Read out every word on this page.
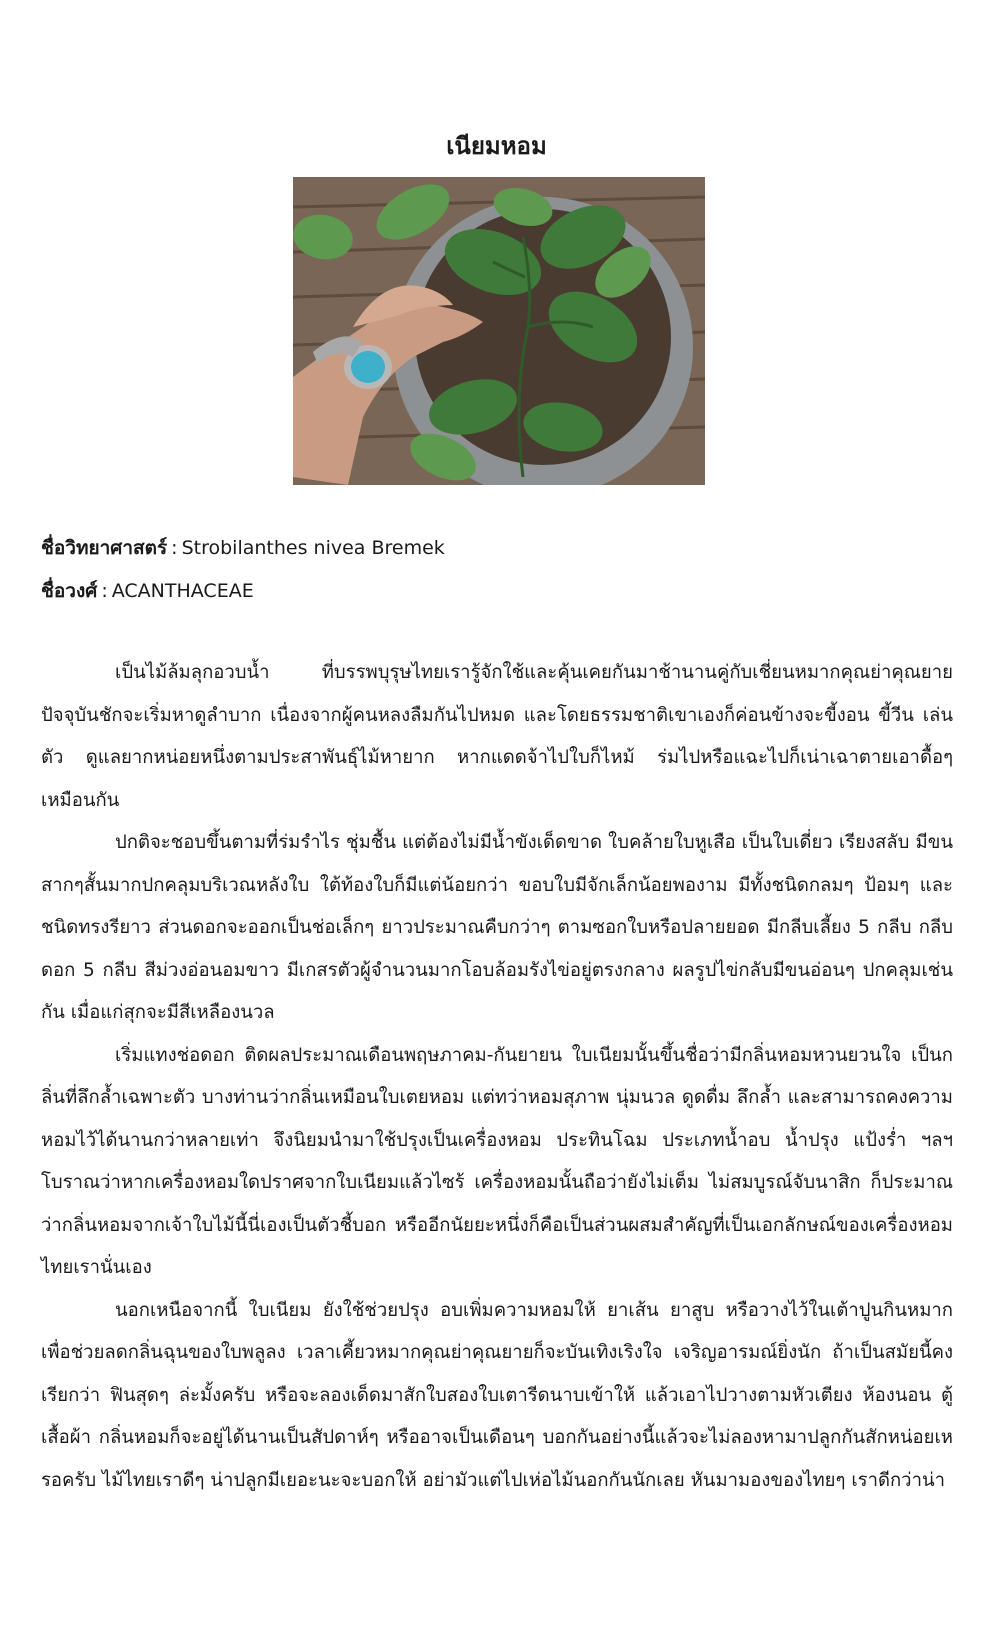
เนียมหอม
ชื่อวิทยาศาสตร์ : Strobilanthes nivea Bremek
ชื่อวงศ์ : ACANTHACEAE

เป็นไม้ล้มลุกอวบน้ำ ที่บรรพบุรุษไทยเรารู้จักใช้และคุ้นเคยกันมาช้านานคู่กับเชี่ยนหมากคุณย่าคุณยาย ปัจจุบันชักจะเริ่มหาดูลำบาก เนื่องจากผู้คนหลงลืมกันไปหมด และโดยธรรมชาติเขาเองก็ค่อนข้างจะขี้งอน ขี้วีน เล่นตัว ดูแลยากหน่อยหนึ่งตามประสาพันธุ์ไม้หายาก หากแดดจ้าไปใบก็ไหม้ ร่มไปหรือแฉะไปก็เน่าเฉาตายเอาดื้อๆ เหมือนกัน

ปกติจะชอบขึ้นตามที่ร่มรำไร ชุ่มชื้น แต่ต้องไม่มีน้ำขังเด็ดขาด ใบคล้ายใบหูเสือ เป็นใบเดี่ยว เรียงสลับ มีขนสากๆสั้นมากปกคลุมบริเวณหลังใบ ใต้ท้องใบก็มีแต่น้อยกว่า ขอบใบมีจักเล็กน้อยพองาม มีทั้งชนิดกลมๆ ป้อมๆ และชนิดทรงรียาว ส่วนดอกจะออกเป็นช่อเล็กๆ ยาวประมาณคืบกว่าๆ ตามซอกใบหรือปลายยอด มีกลีบเลี้ยง 5 กลีบ กลีบดอก 5 กลีบ สีม่วงอ่อนอมขาว มีเกสรตัวผู้จำนวนมากโอบล้อมรังไข่อยู่ตรงกลาง ผลรูปไข่กลับมีขนอ่อนๆ ปกคลุมเช่นกัน เมื่อแก่สุกจะมีสีเหลืองนวล

เริ่มแทงช่อดอก ติดผลประมาณเดือนพฤษภาคม-กันยายน ใบเนียมนั้นขึ้นชื่อว่ามีกลิ่นหอมหวนยวนใจ เป็นกลิ่นที่ลึกล้ำเฉพาะตัว บางท่านว่ากลิ่นเหมือนใบเตยหอม แต่ทว่าหอมสุภาพ นุ่มนวล ดูดดื่ม ลึกล้ำ และสามารถคงความหอมไว้ได้นานกว่าหลายเท่า จึงนิยมนำมาใช้ปรุงเป็นเครื่องหอม ประทินโฉม ประเภทน้ำอบ น้ำปรุง แป้งร่ำ ฯลฯ โบราณว่าหากเครื่องหอมใดปราศจากใบเนียมแล้วไซร้ เครื่องหอมนั้นถือว่ายังไม่เต็ม ไม่สมบูรณ์จับนาสิก ก็ประมาณว่ากลิ่นหอมจากเจ้าใบไม้นี้นี่เองเป็นตัวชี้บอก หรืออีกนัยยะหนึ่งก็คือเป็นส่วนผสมสำคัญที่เป็นเอกลักษณ์ของเครื่องหอมไทยเรานั่นเอง

นอกเหนือจากนี้ ใบเนียม ยังใช้ช่วยปรุง อบเพิ่มความหอมให้ ยาเส้น ยาสูบ หรือวางไว้ในเต้าปูนกินหมาก เพื่อช่วยลดกลิ่นฉุนของใบพลูลง เวลาเคี้ยวหมากคุณย่าคุณยายก็จะบันเทิงเริงใจ เจริญอารมณ์ยิ่งนัก ถ้าเป็นสมัยนี้คงเรียกว่า ฟินสุดๆ ล่ะมั้งครับ หรือจะลองเด็ดมาสักใบสองใบเตารีดนาบเข้าให้ แล้วเอาไปวางตามหัวเตียง ห้องนอน ตู้เสื้อผ้า กลิ่นหอมก็จะอยู่ได้นานเป็นสัปดาห์ๆ หรืออาจเป็นเดือนๆ บอกกันอย่างนี้แล้วจะไม่ลองหามาปลูกกันสักหน่อยเหรอครับ ไม้ไทยเราดีๆ น่าปลูกมีเยอะนะจะบอกให้ อย่ามัวแต่ไปเห่อไม้นอกกันนักเลย หันมามองของไทยๆ เราดีกว่าน่า
